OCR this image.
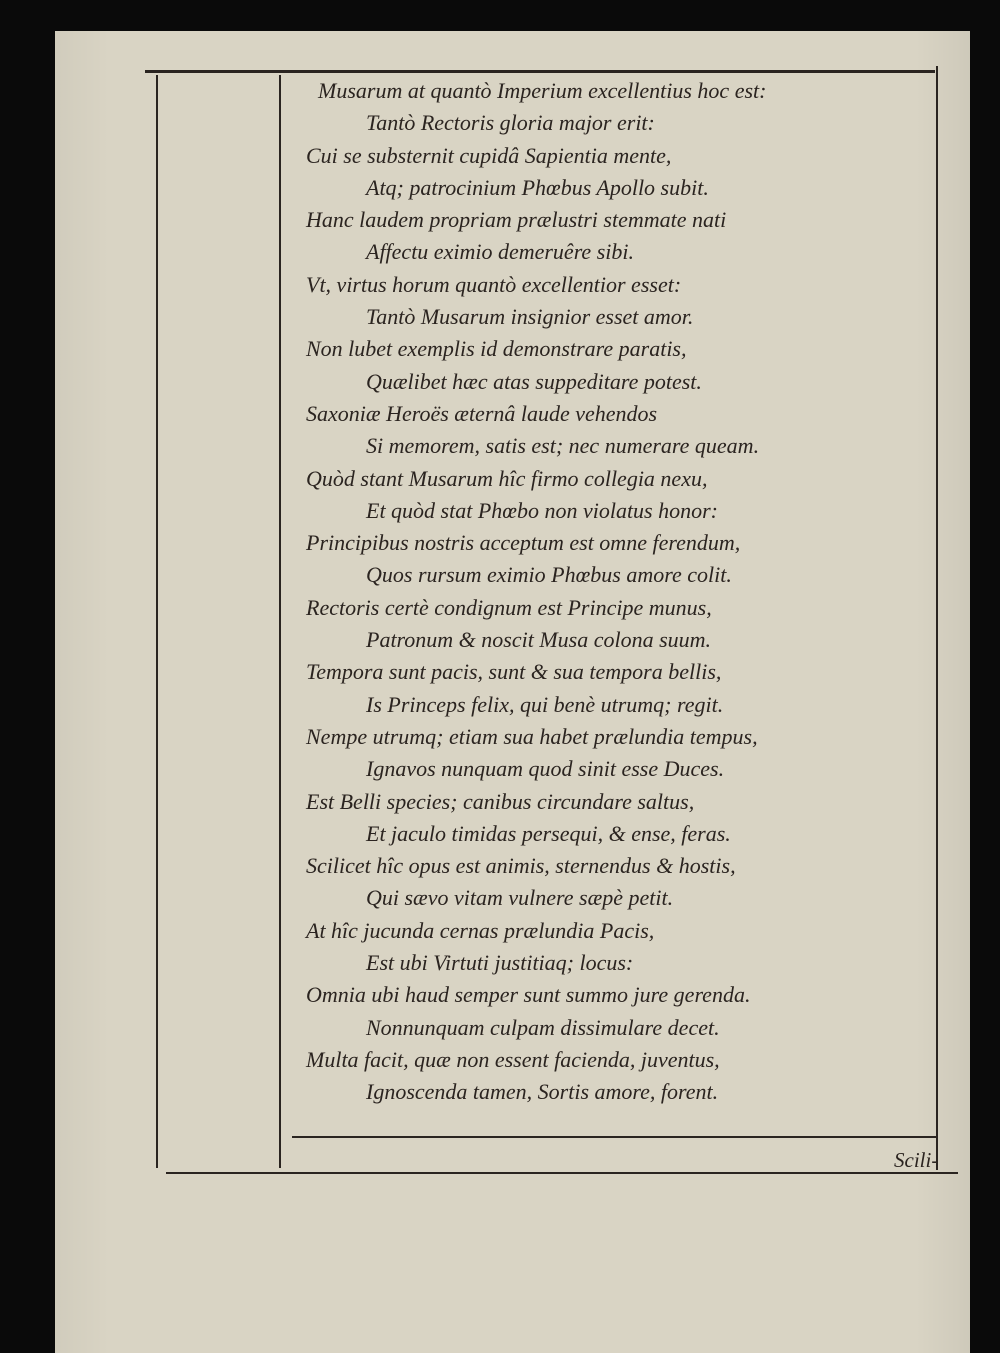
Musarum at quantò Imperium excellentius hoc est:
Tantò Rectoris gloria major erit:
Cui se substernit cupidâ Sapientia mente,
Atq; patrocinium Phœbus Apollo subit.
Hanc laudem propriam prælustri stemmate nati
Affectu eximio demeruêre sibi.
Vt, virtus horum quantò excellentior esset:
Tantò Musarum insignior esset amor.
Non lubet exemplis id demonstrare paratis,
Quælibet hæc atas suppeditare potest.
Saxoniæ Heroës æternâ laude vehendos
Si memorem, satis est; nec numerare queam.
Quòd stant Musarum hîc firmo collegia nexu,
Et quòd stat Phœbo non violatus honor:
Principibus nostris acceptum est omne ferendum,
Quos rursum eximio Phœbus amore colit.
Rectoris certè condignum est Principe munus,
Patronum & noscit Musa colona suum.
Tempora sunt pacis, sunt & sua tempora bellis,
Is Princeps felix, qui benè utrumq; regit.
Nempe utrumq; etiam sua habet prælundia tempus,
Ignavos nunquam quod sinit esse Duces.
Est Belli species; canibus circundare saltus,
Et jaculo timidas persequi, & ense, feras.
Scilicet hîc opus est animis, sternendus & hostis,
Qui sævo vitam vulnere sæpè petit.
At hîc jucunda cernas prælundia Pacis,
Est ubi Virtuti justitiaq; locus:
Omnia ubi haud semper sunt summo jure gerenda.
Nonnunquam culpam dissimulare decet.
Multa facit, quæ non essent facienda, juventus,
Ignoscenda tamen, Sortis amore, forent.
Scili-
